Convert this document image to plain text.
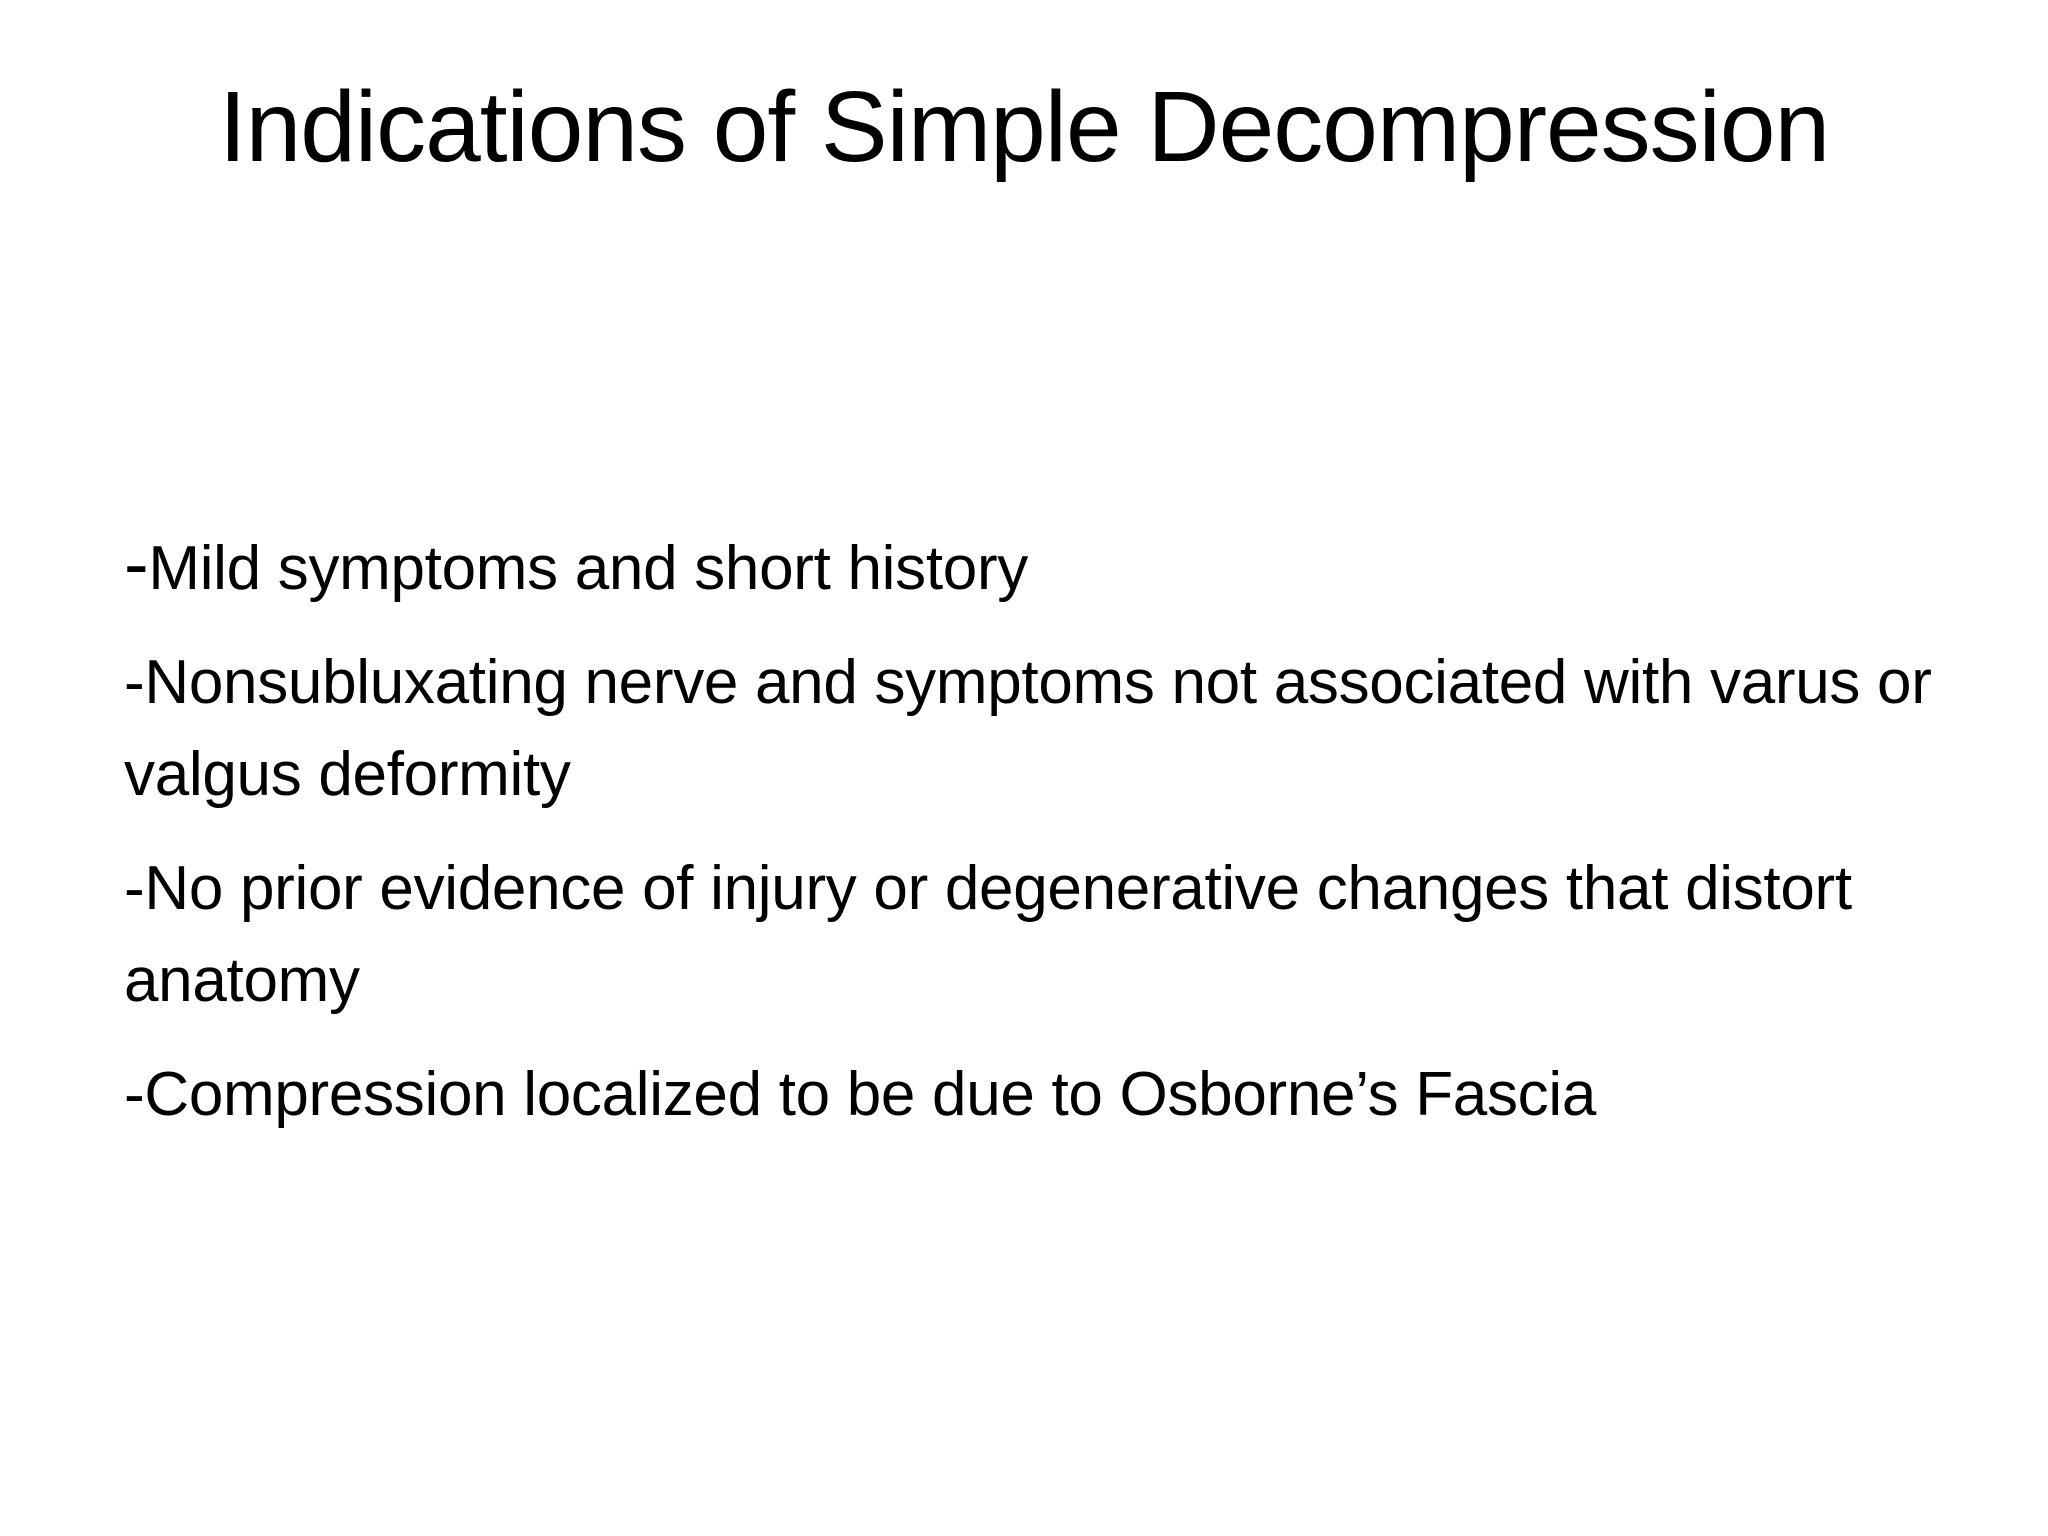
Indications of Simple Decompression
-Mild symptoms and short history
-Nonsubluxating nerve and symptoms not associated with varus or valgus deformity
-No prior evidence of injury or degenerative changes that distort anatomy
-Compression localized to be due to Osborne’s Fascia
